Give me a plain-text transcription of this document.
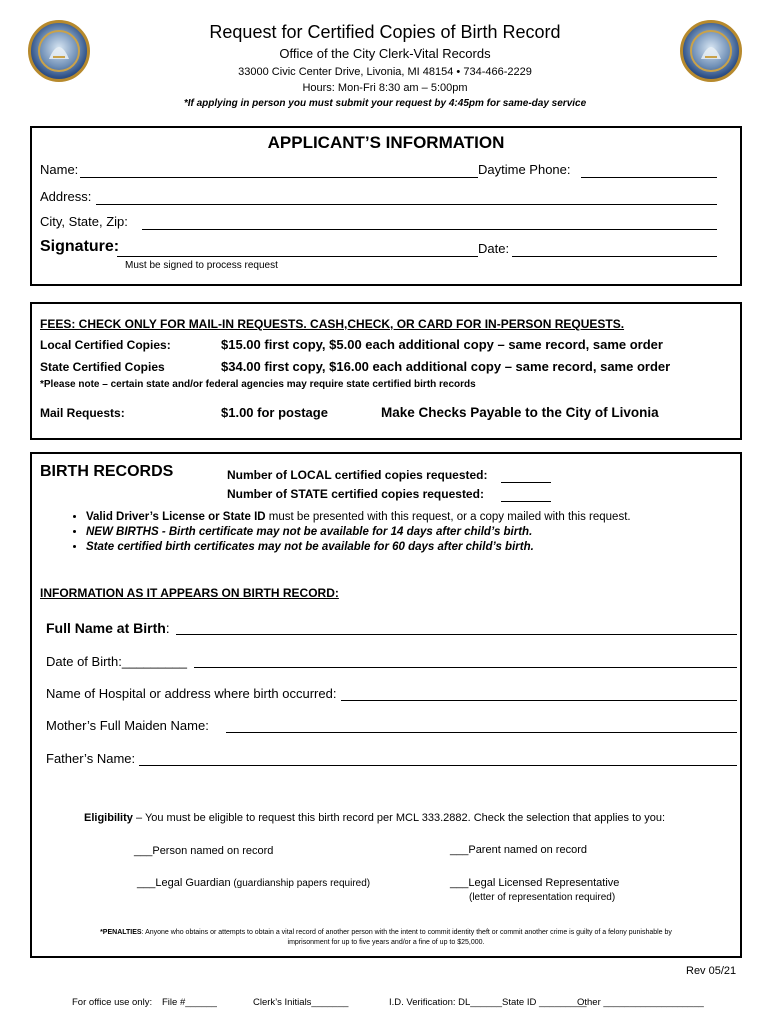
Request for Certified Copies of Birth Record
Office of the City Clerk-Vital Records
33000 Civic Center Drive, Livonia, MI 48154 • 734-466-2229
Hours: Mon-Fri 8:30 am – 5:00pm
*If applying in person you must submit your request by 4:45pm for same-day service
APPLICANT’S INFORMATION
Name:	Daytime Phone:
Address:
City, State, Zip:
Signature:	Date:
Must be signed to process request
FEES: CHECK ONLY FOR MAIL-IN REQUESTS. CASH,CHECK, OR CARD FOR IN-PERSON REQUESTS.
Local Certified Copies:	$15.00 first copy, $5.00 each additional copy – same record, same order
State Certified Copies	$34.00 first copy, $16.00 each additional copy – same record, same order
*Please note – certain state and/or federal agencies may require state certified birth records
Mail Requests:	$1.00 for postage	Make Checks Payable to the City of Livonia
BIRTH RECORDS	Number of LOCAL certified copies requested:
Number of STATE certified copies requested:
• Valid Driver’s License or State ID must be presented with this request, or a copy mailed with this request.
• NEW BIRTHS - Birth certificate may not be available for 14 days after child’s birth.
• State certified birth certificates may not be available for 60 days after child’s birth.
INFORMATION AS IT APPEARS ON BIRTH RECORD:
Full Name at Birth:
Date of Birth:_________
Name of Hospital or address where birth occurred:
Mother’s Full Maiden Name:
Father’s Name:
Eligibility – You must be eligible to request this birth record per MCL 333.2882. Check the selection that applies to you:
___Person named on record	___Parent named on record
___Legal Guardian (guardianship papers required)	___Legal Licensed Representative
(letter of representation required)
*PENALTIES: Anyone who obtains or attempts to obtain a vital record of another person with the intent to commit identity theft or commit another crime is guilty of a felony punishable by
imprisonment for up to five years and/or a fine of up to $25,000.
Rev 05/21
For office use only: File #______	Clerk’s Initials_______	I.D. Verification: DL______State ID _________
Other ___________________
